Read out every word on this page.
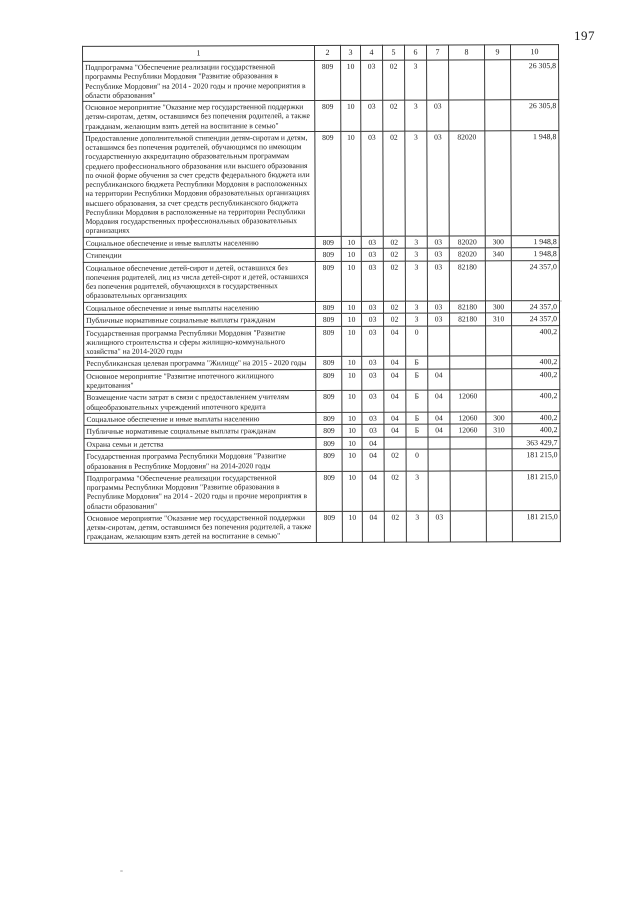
197
1	2	3	4	5	6	7	8	9	10

Подпрограмма "Обеспечение реализации государственной программы Республики Мордовия "Развитие образования в Республике Мордовия" на 2014 - 2020 годы и прочие мероприятия в области образования"	809	10	03	02	3				26 305,8

Основное мероприятие "Оказание мер государственной поддержки детям-сиротам, детям, оставшимся без попечения родителей, а также гражданам, желающим взять детей на воспитание в семью"	809	10	03	02	3	03			26 305,8

Предоставление дополнительной стипендии детям-сиротам и детям, оставшимся без попечения родителей, обучающимся по имеющим государственную аккредитацию образовательным программам среднего профессионального образования или высшего образования по очной форме обучения за счет средств федерального бюджета или республиканского бюджета Республики Мордовия в расположенных на территории Республики Мордовия образовательных организациях высшего образования, за счет средств республиканского бюджета Республики Мордовия в расположенные на территории Республики Мордовия государственных профессиональных образовательных организациях	809	10	03	02	3	03	82020		1 948,8

Социальное обеспечение и иные выплаты населению	809	10	03	02	3	03	82020	300	1 948,8

Стипендии	809	10	03	02	3	03	82020	340	1 948,8

Социальное обеспечение детей-сирот и детей, оставшихся без попечения родителей, лиц из числа детей-сирот и детей, оставшихся без попечения родителей, обучающихся в государственных образовательных организациях	809	10	03	02	3	03	82180		24 357,0

Социальное обеспечение и иные выплаты населению	809	10	03	02	3	03	82180	300	24 357,0

Публичные нормативные социальные выплаты гражданам	809	10	03	02	3	03	82180	310	24 357,0

Государственная программа Республики Мордовия "Развитие жилищного строительства и сферы жилищно-коммунального хозяйства" на 2014-2020 годы	809	10	03	04	0				400,2

Республиканская целевая программа "Жилище" на 2015 - 2020 годы	809	10	03	04	Б				400,2

Основное мероприятие "Развитие ипотечного жилищного кредитования"	809	10	03	04	Б	04			400,2

Возмещение части затрат в связи с предоставлением учителям общеобразовательных учреждений ипотечного кредита	809	10	03	04	Б	04	12060		400,2

Социальное обеспечение и иные выплаты населению	809	10	03	04	Б	04	12060	300	400,2

Публичные нормативные социальные выплаты гражданам	809	10	03	04	Б	04	12060	310	400,2

Охрана семьи и детства	809	10	04						363 429,7

Государственная программа Республики Мордовия "Развитие образования в Республике Мордовия" на 2014-2020 годы	809	10	04	02	0				181 215,0

Подпрограмма "Обеспечение реализации государственной программы Республики Мордовия "Развитие образования в Республике Мордовия" на 2014 - 2020 годы и прочие мероприятия в области образования"	809	10	04	02	3				181 215,0

Основное мероприятие "Оказание мер государственной поддержки детям-сиротам, детям, оставшимся без попечения родителей, а также гражданам, желающим взять детей на воспитание в семью"	809	10	04	02	3	03			181 215,0
